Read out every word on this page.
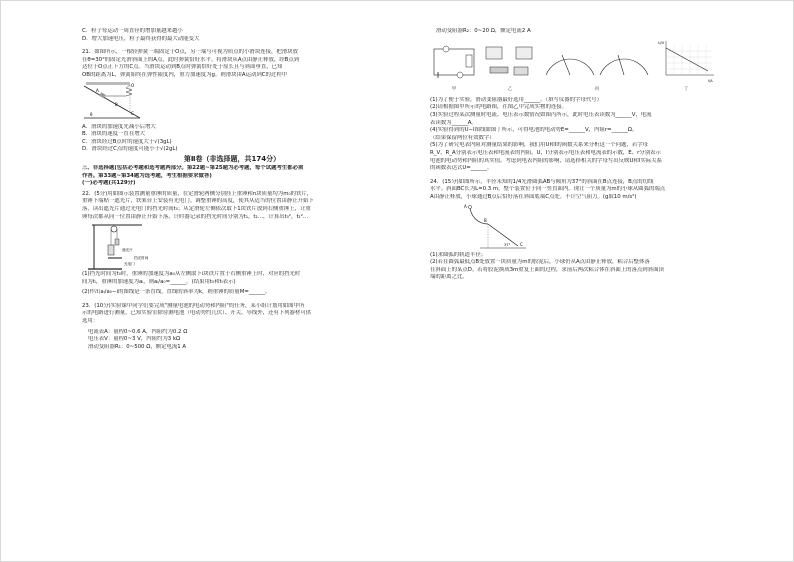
C．粒子每运动一周直径的增加量越来越小
D．增大加速电压，粒子最终获得的最大动能变大
21．如图所示，一根轻弹簧一端固定于O点，另一端与可视为质点的小滑块连接，把滑块放
在θ=30°的固定光滑斜面上的A点，此时弹簧恰好水平。将滑块从A点由静止释放，经B点到
达位于O点正下方的C点。当滑块运动到B点时弹簧恰好处于原长且与斜面垂直，已知
OB的距离为L，弹簧始终在弹性限度内，重力加速度为g。则滑块由A运动到C的过程中
O
A
B
C
θ
A．滑块的加速度先减小后增大
B．滑块的速度一直在增大
C．滑块经过B点时的速度大于√(3gL)
D．滑块经过C点的速度可能小于√(2gL)
第Ⅱ卷（非选择题，共174分）
三、非选择题(包括必考题和选考题两部分。第22题~第25题为必考题，每个试题考生都必须
作答。第33题~第34题为选考题，考生根据要求做答)
(一)必考题(共129分)
22．(5分)用如图示装置测量重锤的质量，在定滑轮两侧分别挂上重锤和n块质量均为m₀的铁片，
重锤下端贴一遮光片，铁架台上安装有光电门。调整重锤的高度，使其从适当的位置由静止开始下
落，读出遮光片通过光电门的挡光时间t₀；从定滑轮左侧依次取下1块铁片放到右侧重锤上，让重
锤每次都从同一位置由静止开始下落，计时器记录的挡光时间分别为t₁，t₂…，计算出t₀²，t₁²…
遮光片
挡光时间
光电门
(1)挡光时间为t₀时，重锤的加速度为a₀从左侧取下i块铁片置于右侧重锤上时，对应的挡光时
间为tᵢ，重锤的加速度为aᵢ，则aᵢ/a₀=______。(结果用t₀和tᵢ表示)
(2)作出aᵢ/a₀−i的图线是一条直线，直线的斜率为k，则重锤的质量M=______。
23．(10分)实验课中同学们要完成"测量电池的电动势和内阻"的任务，某小组计划用如图甲所
示的电路进行测量，已知实验室除待测电池（电动势约几伏）、开关、导线外，还有下列器材可供
选用：
电流表A：量程0~0.6 A，内阻约为0.2 Ω
电压表V：量程0~3 V，内阻约为3 kΩ
滑动变阻器R₁：0~500 Ω，额定电流1 A
滑动变阻器R₂：0~20 Ω，额定电流2 A
甲	乙	丙
U/V
I/A
丁
(1)为了便于实验，滑动变阻器最好选用______。（填写仪器的字母代号）
(2)请根据图甲所示的电路图，在图乙中完成实物的连接。
(3)实验过程某次测量时电流、电压表示数情况如图丙所示，此时电压表读数为______V，电流
表读数为______A。
(4)实验得到的U−I图线如图丁所示，可得电池的电动势E=______V，内阻r=______Ω。
（结果保留两位有效数字）
(5)为了研究电表内阻对测量结果的影响，我们用U和I的函数关系来分析这一个问题，若字母
R_V、R_A分别表示电压表和电流表的内阻，U、I分别表示电压表和电流表的示数，E、r分别表示
电池的电动势和内阻的真实值。考虑到电表内阻的影响，请选择相关的字母写出反映U和I实际关系
的函数表达式U=______。
24．(15分)如图所示，半径未知的1/4光滑圆弧AB与倾角为37°的斜面在B点连接，B点的切线
水平。斜面BC长为L=0.3 m。整个装置位于同一竖直面内。现让一个质量为m的小球从圆弧的端点
A由静止释放，小球通过B点后恰好落在斜面底端C点处。不计空气阻力。(g取10 m/s²)
A
B
C
37°
(1)求圆弧的轨道半径；
(2)若在圆弧最低点B处放置一块质量为m的胶泥后，小球仍从A点由静止释放，粘合后整体落
在斜面上的某点D。若将胶泥换成3m重复上面的过程，求前后两次粘合体在斜面上的落点到斜面顶
端的距离之比。
